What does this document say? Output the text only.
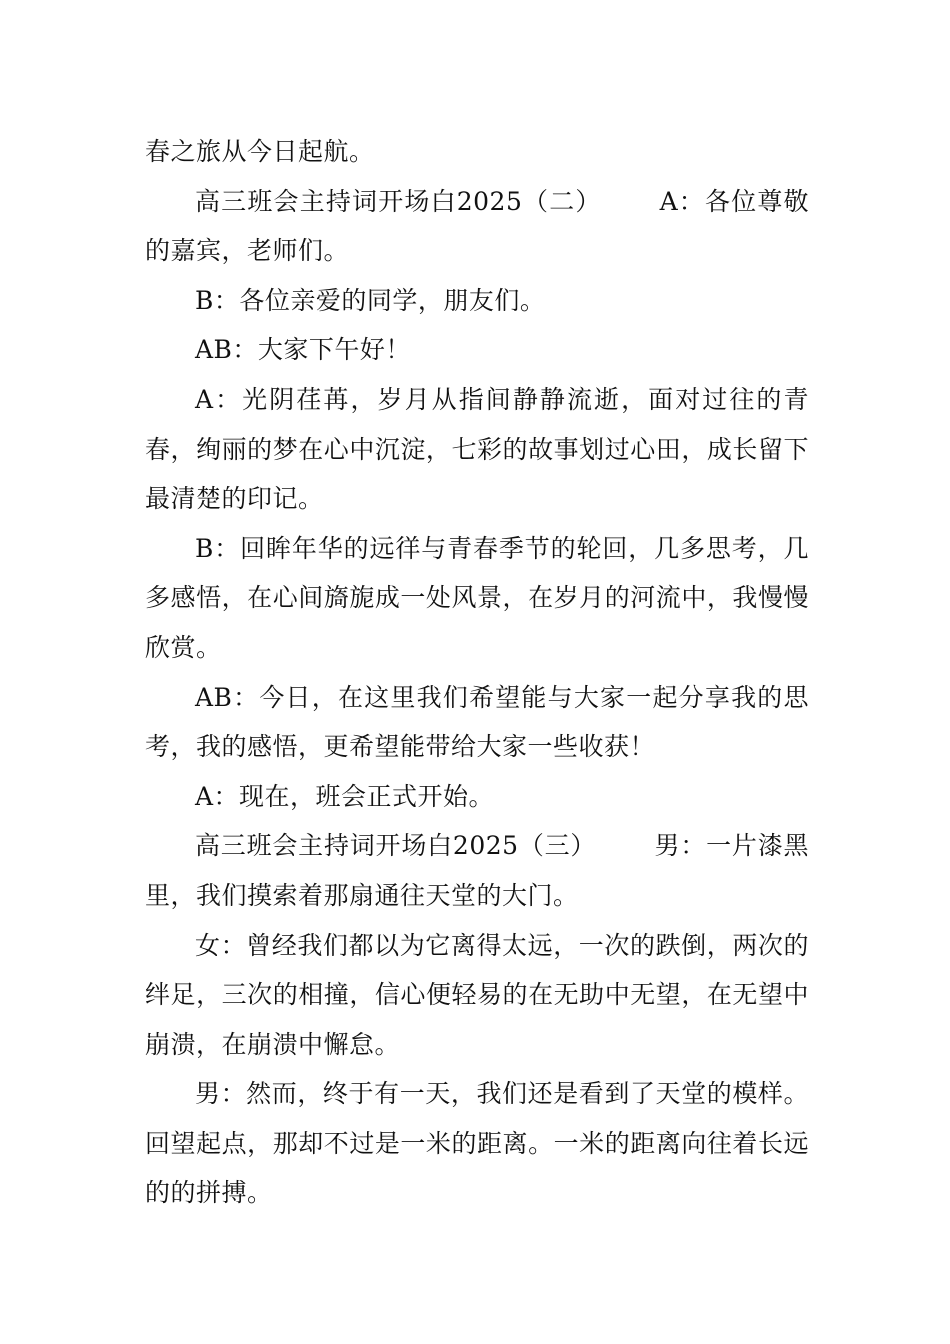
春之旅从今日起航。

高三班会主持词开场白2025（二） A：各位尊敬的嘉宾，老师们。

B：各位亲爱的同学，朋友们。

AB：大家下午好！

A：光阴荏苒，岁月从指间静静流逝，面对过往的青春，绚丽的梦在心中沉淀，七彩的故事划过心田，成长留下最清楚的印记。

B：回眸年华的远徉与青春季节的轮回，几多思考，几多感悟，在心间旖旎成一处风景，在岁月的河流中，我慢慢欣赏。

AB：今日，在这里我们希望能与大家一起分享我的思考，我的感悟，更希望能带给大家一些收获！

A：现在，班会正式开始。

高三班会主持词开场白2025（三） 男：一片漆黑里，我们摸索着那扇通往天堂的大门。

女：曾经我们都以为它离得太远，一次的跌倒，两次的绊足，三次的相撞，信心便轻易的在无助中无望，在无望中崩溃，在崩溃中懈怠。

男：然而，终于有一天，我们还是看到了天堂的模样。回望起点，那却不过是一米的距离。一米的距离向往着长远的的拼搏。
